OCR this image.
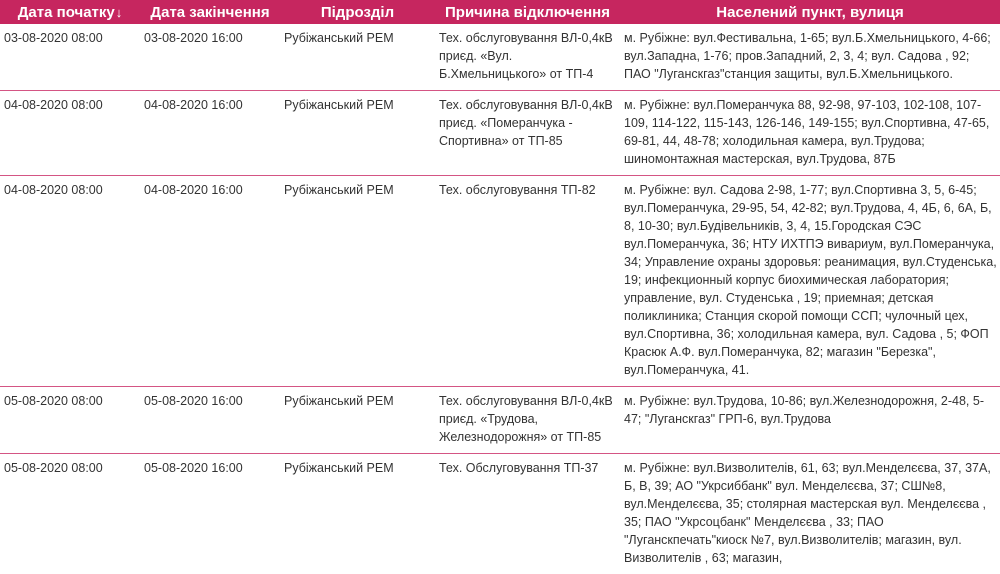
Дата початку↓	Дата закінчення	Підрозділ	Причина відключення	Населений пункт, вулиця
03-08-2020 08:00	03-08-2020 16:00	Рубіжанський РЕМ	Тех. обслуговування ВЛ-0,4кВ приєд. «Вул. Б.Хмельницького» от ТП-4	м. Рубіжне: вул.Фестивальна, 1-65; вул.Б.Хмельницького, 4-66; вул.Западна, 1-76; пров.Западний, 2, 3, 4; вул. Садова , 92; ПАО "Луганскгаз"станция защиты, вул.Б.Хмельницького.
04-08-2020 08:00	04-08-2020 16:00	Рубіжанський РЕМ	Тех. обслуговування ВЛ-0,4кВ приєд. «Померанчука - Спортивна» от ТП-85	м. Рубіжне: вул.Померанчука 88, 92-98, 97-103, 102-108, 107-109, 114-122, 115-143, 126-146, 149-155; вул.Спортивна, 47-65, 69-81, 44, 48-78; холодильная камера, вул.Трудова; шиномонтажная мастерская, вул.Трудова, 87Б
04-08-2020 08:00	04-08-2020 16:00	Рубіжанський РЕМ	Тех. обслуговування ТП-82	м. Рубіжне: вул. Садова 2-98, 1-77; вул.Спортивна 3, 5, 6-45; вул.Померанчука, 29-95, 54, 42-82; вул.Трудова, 4, 4Б, 6, 6А, Б, 8, 10-30; вул.Будівельників, 3, 4, 15.Городская СЭС вул.Померанчука, 36; НТУ ИХТПЭ вивариум, вул.Померанчука, 34; Управление охраны здоровья: реанимация, вул.Студенська, 19; инфекционный корпус биохимическая лаборатория; управление, вул. Студенська , 19; приемная; детская поликлиника; Станция скорой помощи ССП; чулочный цех, вул.Спортивна, 36; холодильная камера, вул. Садова , 5; ФОП Красюк А.Ф. вул.Померанчука, 82; магазин "Березка", вул.Померанчука, 41.
05-08-2020 08:00	05-08-2020 16:00	Рубіжанський РЕМ	Тех. обслуговування ВЛ-0,4кВ приєд. «Трудова, Железнодорожня» от ТП-85	м. Рубіжне: вул.Трудова, 10-86; вул.Железнодорожня, 2-48, 5-47; "Луганскгаз" ГРП-6, вул.Трудова
05-08-2020 08:00	05-08-2020 16:00	Рубіжанський РЕМ	Тех. Обслуговування ТП-37	м. Рубіжне: вул.Визволителів, 61, 63; вул.Менделєєва, 37, 37А, Б, В, 39; АО "Укрсиббанк" вул. Менделєєва, 37; СШ№8, вул.Менделєєва, 35; столярная мастерская вул. Менделєєва , 35; ПАО "Укрсоцбанк" Менделєєва , 33; ПАО "Луганскпечать"киоск №7, вул.Визволителів; магазин, вул. Визволителів , 63; магазин,
